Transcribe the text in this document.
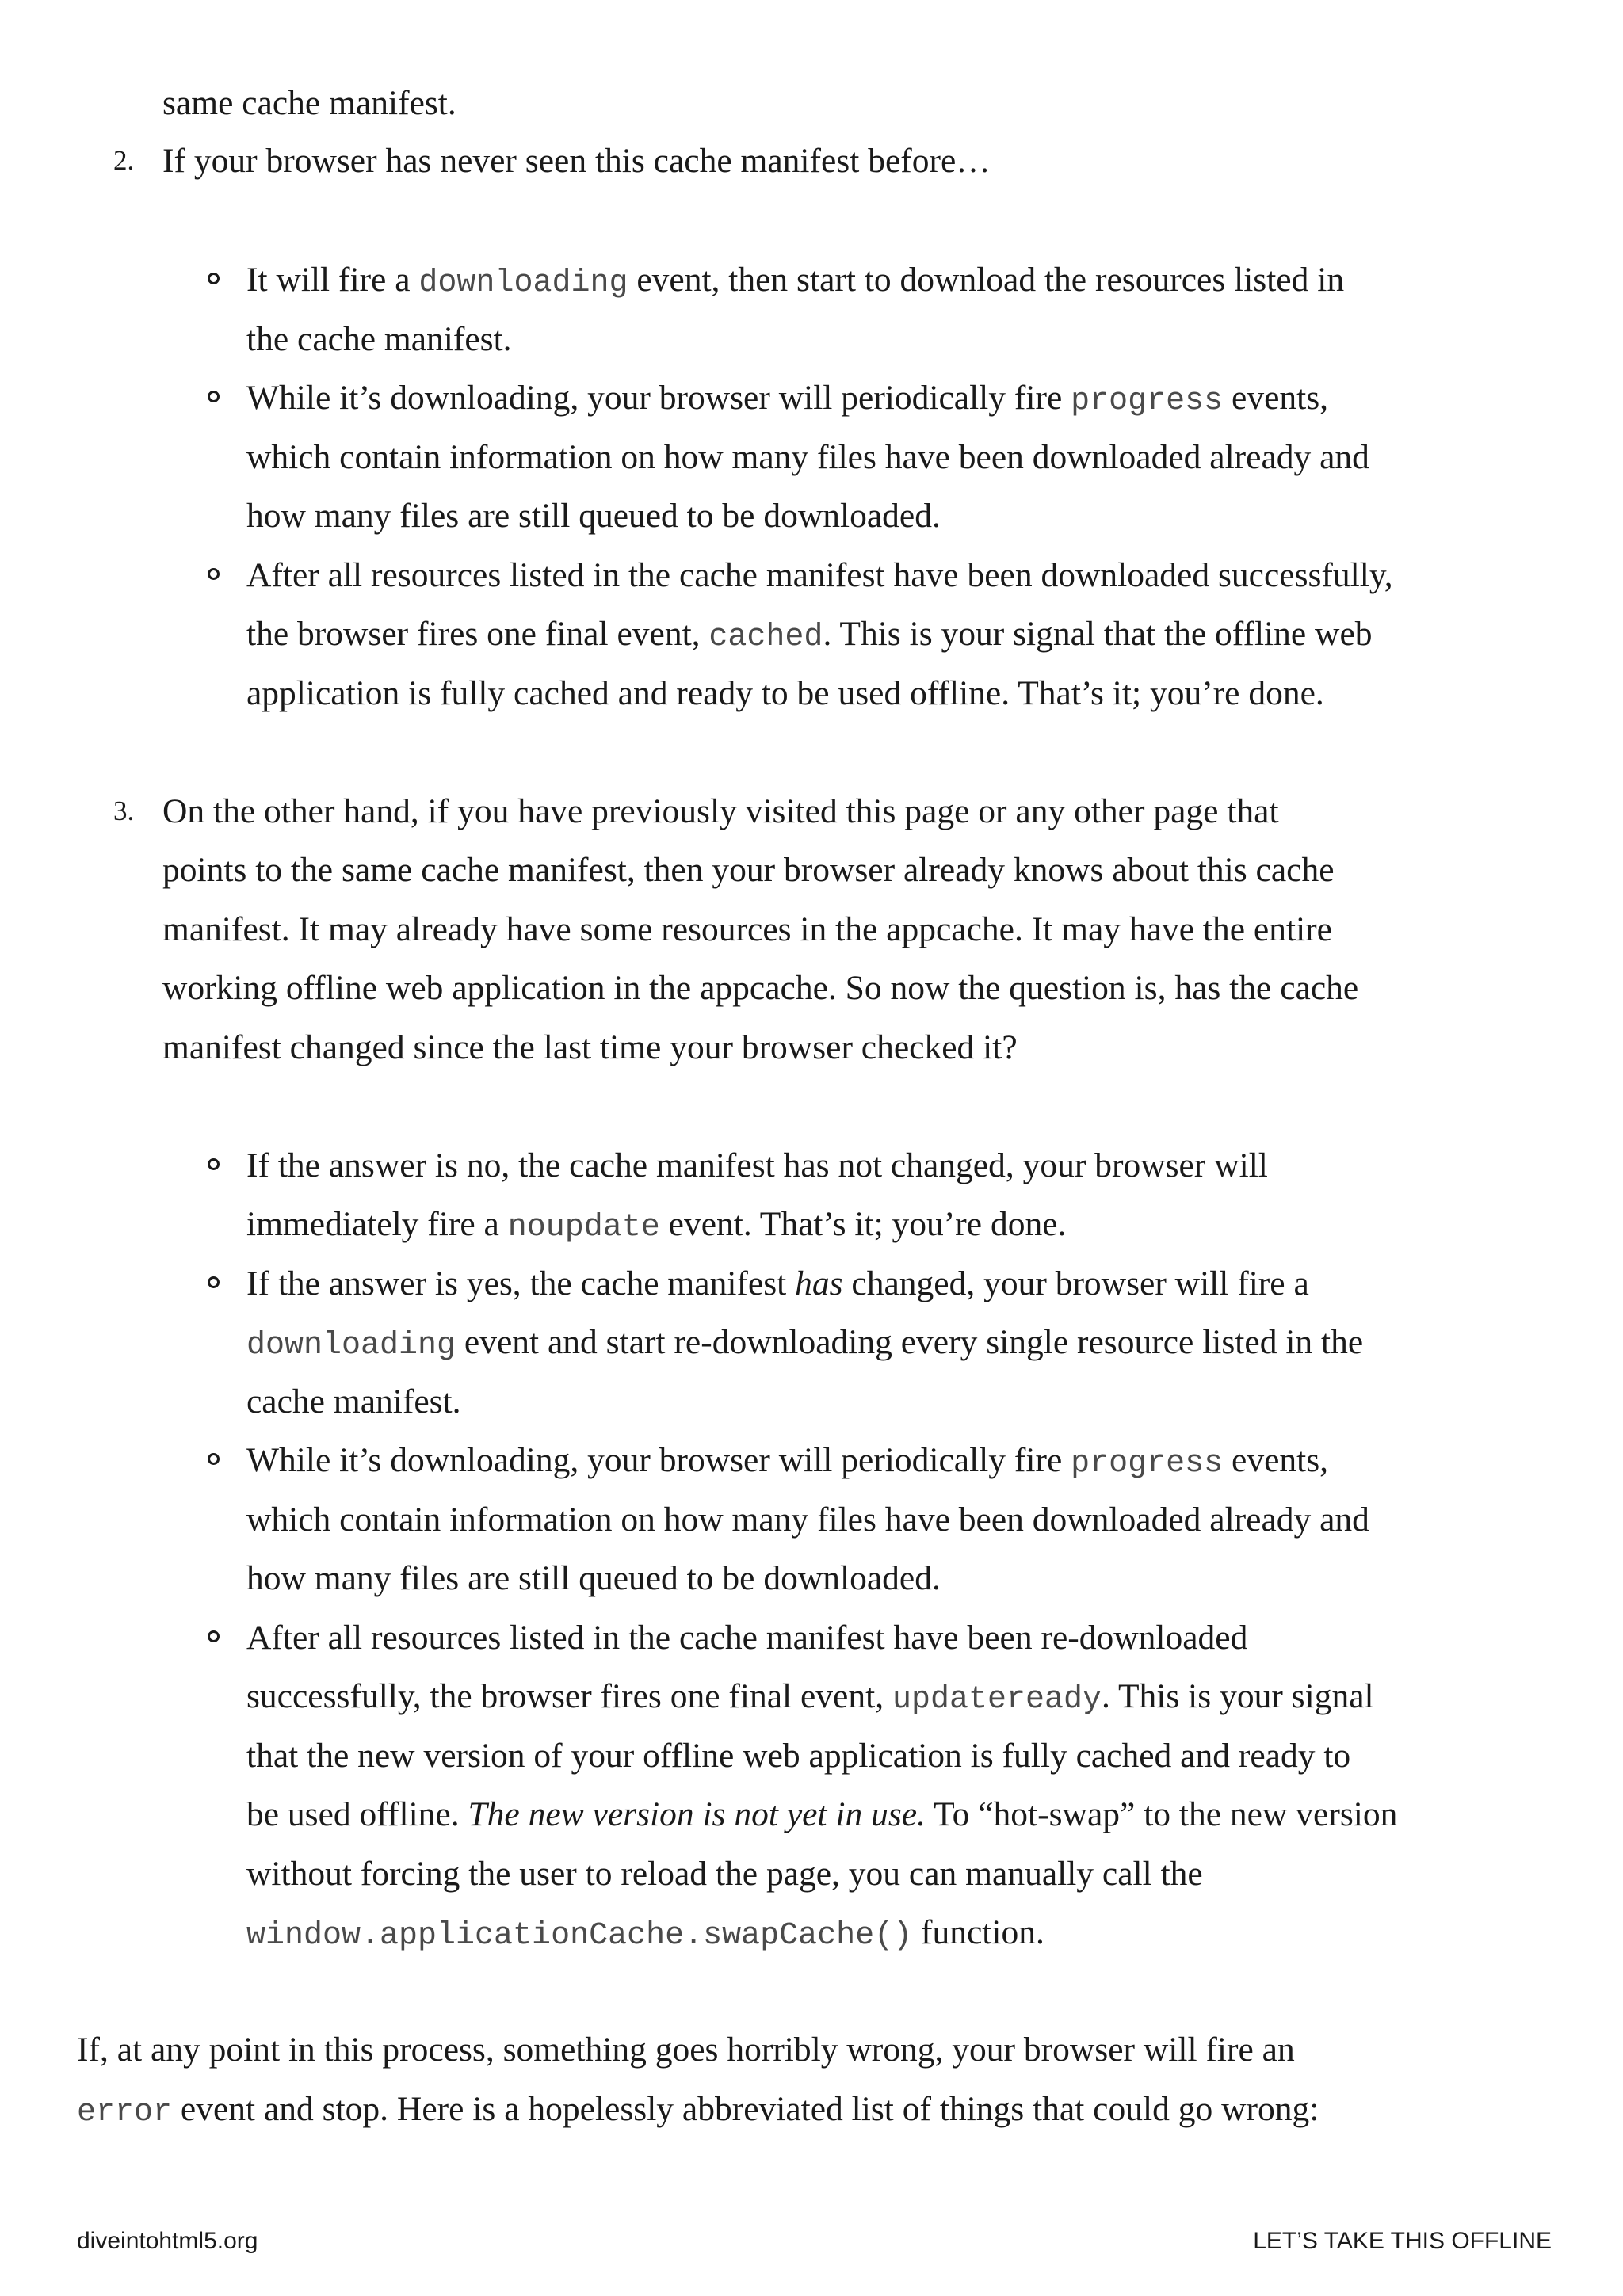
same cache manifest.
2. If your browser has never seen this cache manifest before…
It will fire a downloading event, then start to download the resources listed in
the cache manifest.
While it’s downloading, your browser will periodically fire progress events,
which contain information on how many files have been downloaded already and
how many files are still queued to be downloaded.
After all resources listed in the cache manifest have been downloaded successfully,
the browser fires one final event, cached. This is your signal that the offline web
application is fully cached and ready to be used offline. That’s it; you’re done.
3. On the other hand, if you have previously visited this page or any other page that
points to the same cache manifest, then your browser already knows about this cache
manifest. It may already have some resources in the appcache. It may have the entire
working offline web application in the appcache. So now the question is, has the cache
manifest changed since the last time your browser checked it?
If the answer is no, the cache manifest has not changed, your browser will
immediately fire a noupdate event. That’s it; you’re done.
If the answer is yes, the cache manifest has changed, your browser will fire a
downloading event and start re-downloading every single resource listed in the
cache manifest.
While it’s downloading, your browser will periodically fire progress events,
which contain information on how many files have been downloaded already and
how many files are still queued to be downloaded.
After all resources listed in the cache manifest have been re-downloaded
successfully, the browser fires one final event, updateready. This is your signal
that the new version of your offline web application is fully cached and ready to
be used offline. The new version is not yet in use. To “hot-swap” to the new version
without forcing the user to reload the page, you can manually call the
window.applicationCache.swapCache() function.
If, at any point in this process, something goes horribly wrong, your browser will fire an
error event and stop. Here is a hopelessly abbreviated list of things that could go wrong:
diveintohtml5.org	LET’S TAKE THIS OFFLINE
